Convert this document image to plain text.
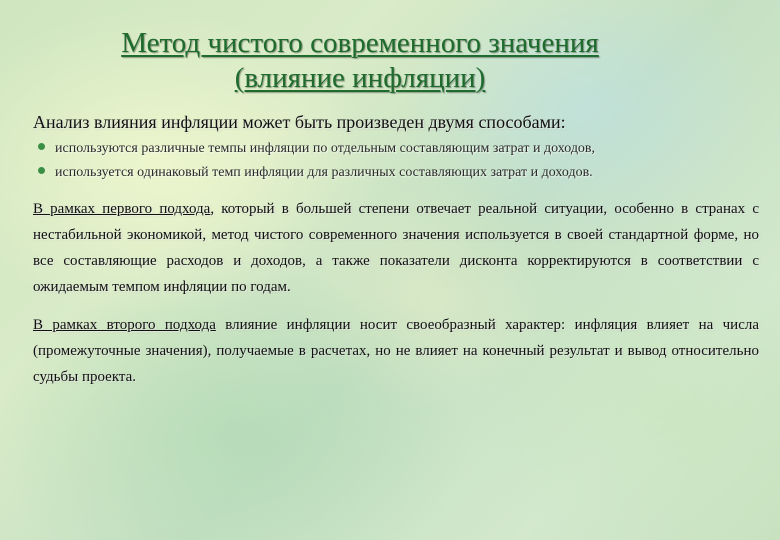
Метод чистого современного значения
(влияние инфляции)

Анализ влияния инфляции может быть произведен двумя способами:

используются различные темпы инфляции по отдельным составляющим затрат и доходов,
используется одинаковый темп инфляции для различных составляющих затрат и доходов.

В рамках первого подхода, который в большей степени отвечает реальной ситуации, особенно в странах с нестабильной экономикой, метод чистого современного значения используется в своей стандартной форме, но все составляющие расходов и доходов, а также показатели дисконта корректируются в соответствии с ожидаемым темпом инфляции по годам.

В рамках второго подхода влияние инфляции носит своеобразный характер: инфляция влияет на числа (промежуточные значения), получаемые в расчетах, но не влияет на конечный результат и вывод относительно судьбы проекта.
